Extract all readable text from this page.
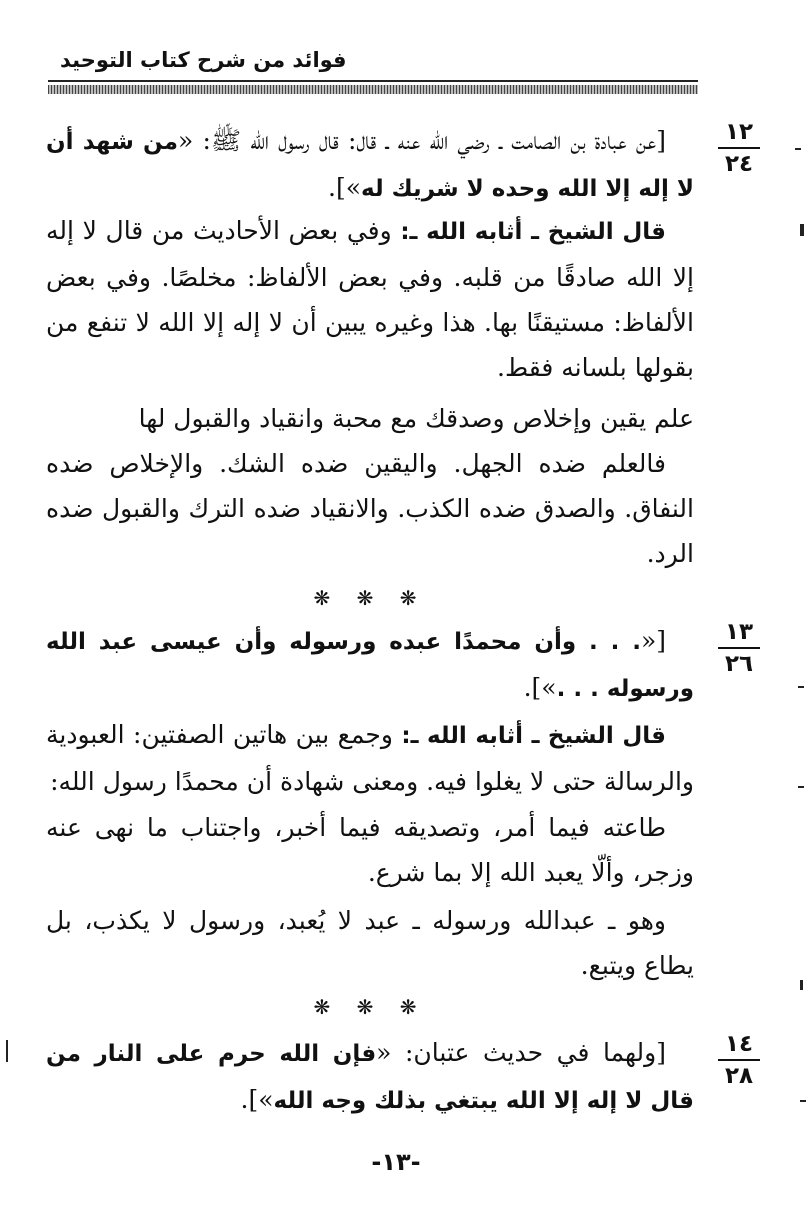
فوائد من شرح كتاب التوحيد
١٢
٢٤
[عن عبادة بن الصامت ـ رضي الله عنه ـ قال: قال رسول الله ﷺ: «من شهد أن لا إله إلا الله وحده لا شريك له»].
قال الشيخ ـ أثابه الله ـ: وفي بعض الأحاديث من قال لا إله إلا الله صادقًا من قلبه. وفي بعض الألفاظ: مخلصًا. وفي بعض الألفاظ: مستيقنًا بها. هذا وغيره يبين أن لا إله إلا الله لا تنفع من بقولها بلسانه فقط.
علم يقين وإخلاص وصدقك مع محبة وانقياد والقبول لها
فالعلم ضده الجهل. واليقين ضده الشك. والإخلاص ضده النفاق. والصدق ضده الكذب. والانقياد ضده الترك والقبول ضده الرد.
❋ ❋ ❋
١٣
٢٦
[«. . . وأن محمدًا عبده ورسوله وأن عيسى عبد الله ورسوله . . .»].
قال الشيخ ـ أثابه الله ـ: وجمع بين هاتين الصفتين: العبودية والرسالة حتى لا يغلوا فيه. ومعنى شهادة أن محمدًا رسول الله:
طاعته فيما أمر، وتصديقه فيما أخبر، واجتناب ما نهى عنه وزجر، وألّا يعبد الله إلا بما شرع.
وهو ـ عبدالله ورسوله ـ عبد لا يُعبد، ورسول لا يكذب، بل يطاع ويتبع.
❋ ❋ ❋
١٤
٢٨
[ولهما في حديث عتبان: «فإن الله حرم على النار من قال لا إله إلا الله يبتغي بذلك وجه الله»].
-١٣-
